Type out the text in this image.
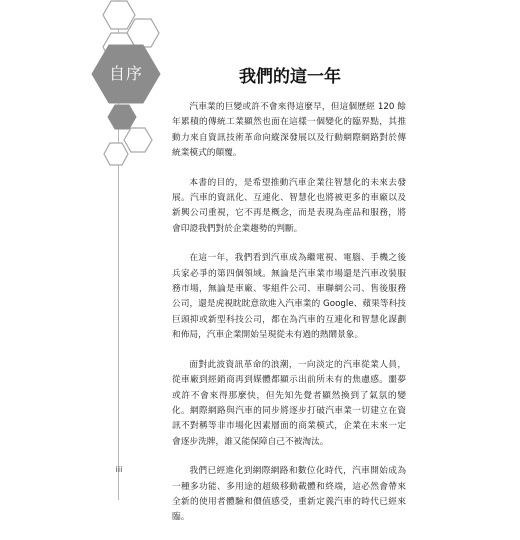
自序	我們的這一年

汽車業的巨變或許不會來得這麼早，但這個歷經 120 餘年累積的傳統工業顯然也面在這樣一個變化的臨界點，其推動力來自資訊技術革命向縱深發展以及行動網際網路對於傳統業模式的顛覆。

本書的目的，是希望推動汽車企業往智慧化的未來去發展。汽車的資訊化、互連化、智慧化也將被更多的車廠以及新興公司重視，它不再是概念，而是表現為產品和服務，將會印證我們對於企業趨勢的判斷。

在這一年，我們看到汽車成為繼電視、電腦、手機之後兵家必爭的第四個領域。無論是汽車業市場還是汽車改裝服務市場，無論是車廠、零組件公司、車聯網公司、售後服務公司，還是虎視眈眈意欲進入汽車業的 Google、蘋果等科技巨頭抑或新型科技公司，都在為汽車的互連化和智慧化謀劃和佈局，汽車企業開始呈現從未有過的熱鬧景象。

面對此波資訊革命的浪潮，一向淡定的汽車從業人員，從車廠到經銷商再到媒體都顯示出前所未有的焦慮感。噩夢或許不會來得那麼快，但先知先覺者顯然換到了氣氛的變化。網際網路與汽車的同步將逐步打破汽車業一切建立在資訊不對稱等非市場化因素層面的商業模式，企業在未來一定會逐步洗牌，誰又能保障自己不被淘汰。

我們已經進化到網際網路和數位化時代，汽車開始成為一種多功能、多用途的超級移動載體和終端，這必然會帶來全新的使用者體驗和價值感受，重新定義汽車的時代已經來臨。

iii
